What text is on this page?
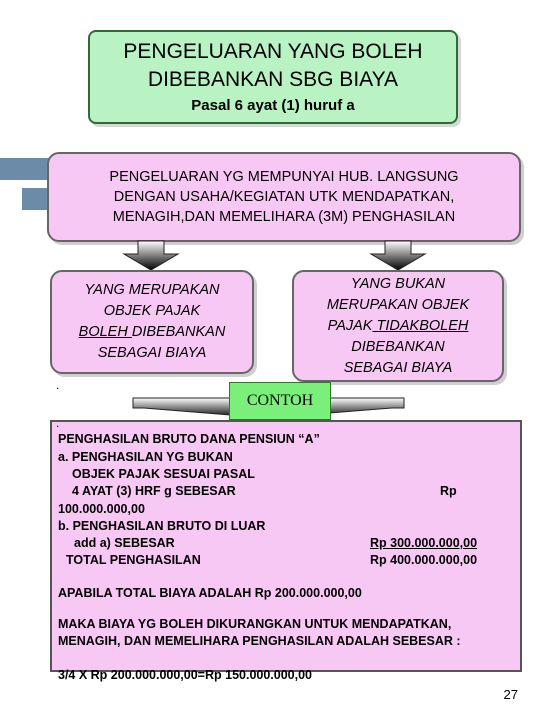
PENGELUARAN YANG BOLEH
DIBEBANKAN SBG BIAYA
Pasal 6 ayat (1) huruf a
PENGELUARAN YG MEMPUNYAI HUB. LANGSUNG
DENGAN USAHA/KEGIATAN UTK MENDAPATKAN,
MENAGIH,DAN MEMELIHARA (3M) PENGHASILAN
YANG MERUPAKAN
OBJEK PAJAK
BOLEH DIBEBANKAN
SEBAGAI BIAYA
YANG BUKAN
MERUPAKAN OBJEK
PAJAK TIDAKBOLEH
DIBEBANKAN
SEBAGAI BIAYA
.
.
PENGHASILAN BRUTO DANA PENSIUN “A”
a. PENGHASILAN YG BUKAN
OBJEK PAJAK SESUAI PASAL
4 AYAT (3) HRF g SEBESAR	Rp
100.000.000,00
b. PENGHASILAN BRUTO DI LUAR
add a) SEBESAR	Rp 300.000.000,00
TOTAL PENGHASILAN	Rp 400.000.000,00
APABILA TOTAL BIAYA ADALAH Rp 200.000.000,00
MAKA BIAYA YG BOLEH DIKURANGKAN UNTUK MENDAPATKAN,
MENAGIH, DAN MEMELIHARA PENGHASILAN ADALAH SEBESAR :
3/4 X Rp 200.000.000,00=Rp 150.000.000,00
CONTOH
27
